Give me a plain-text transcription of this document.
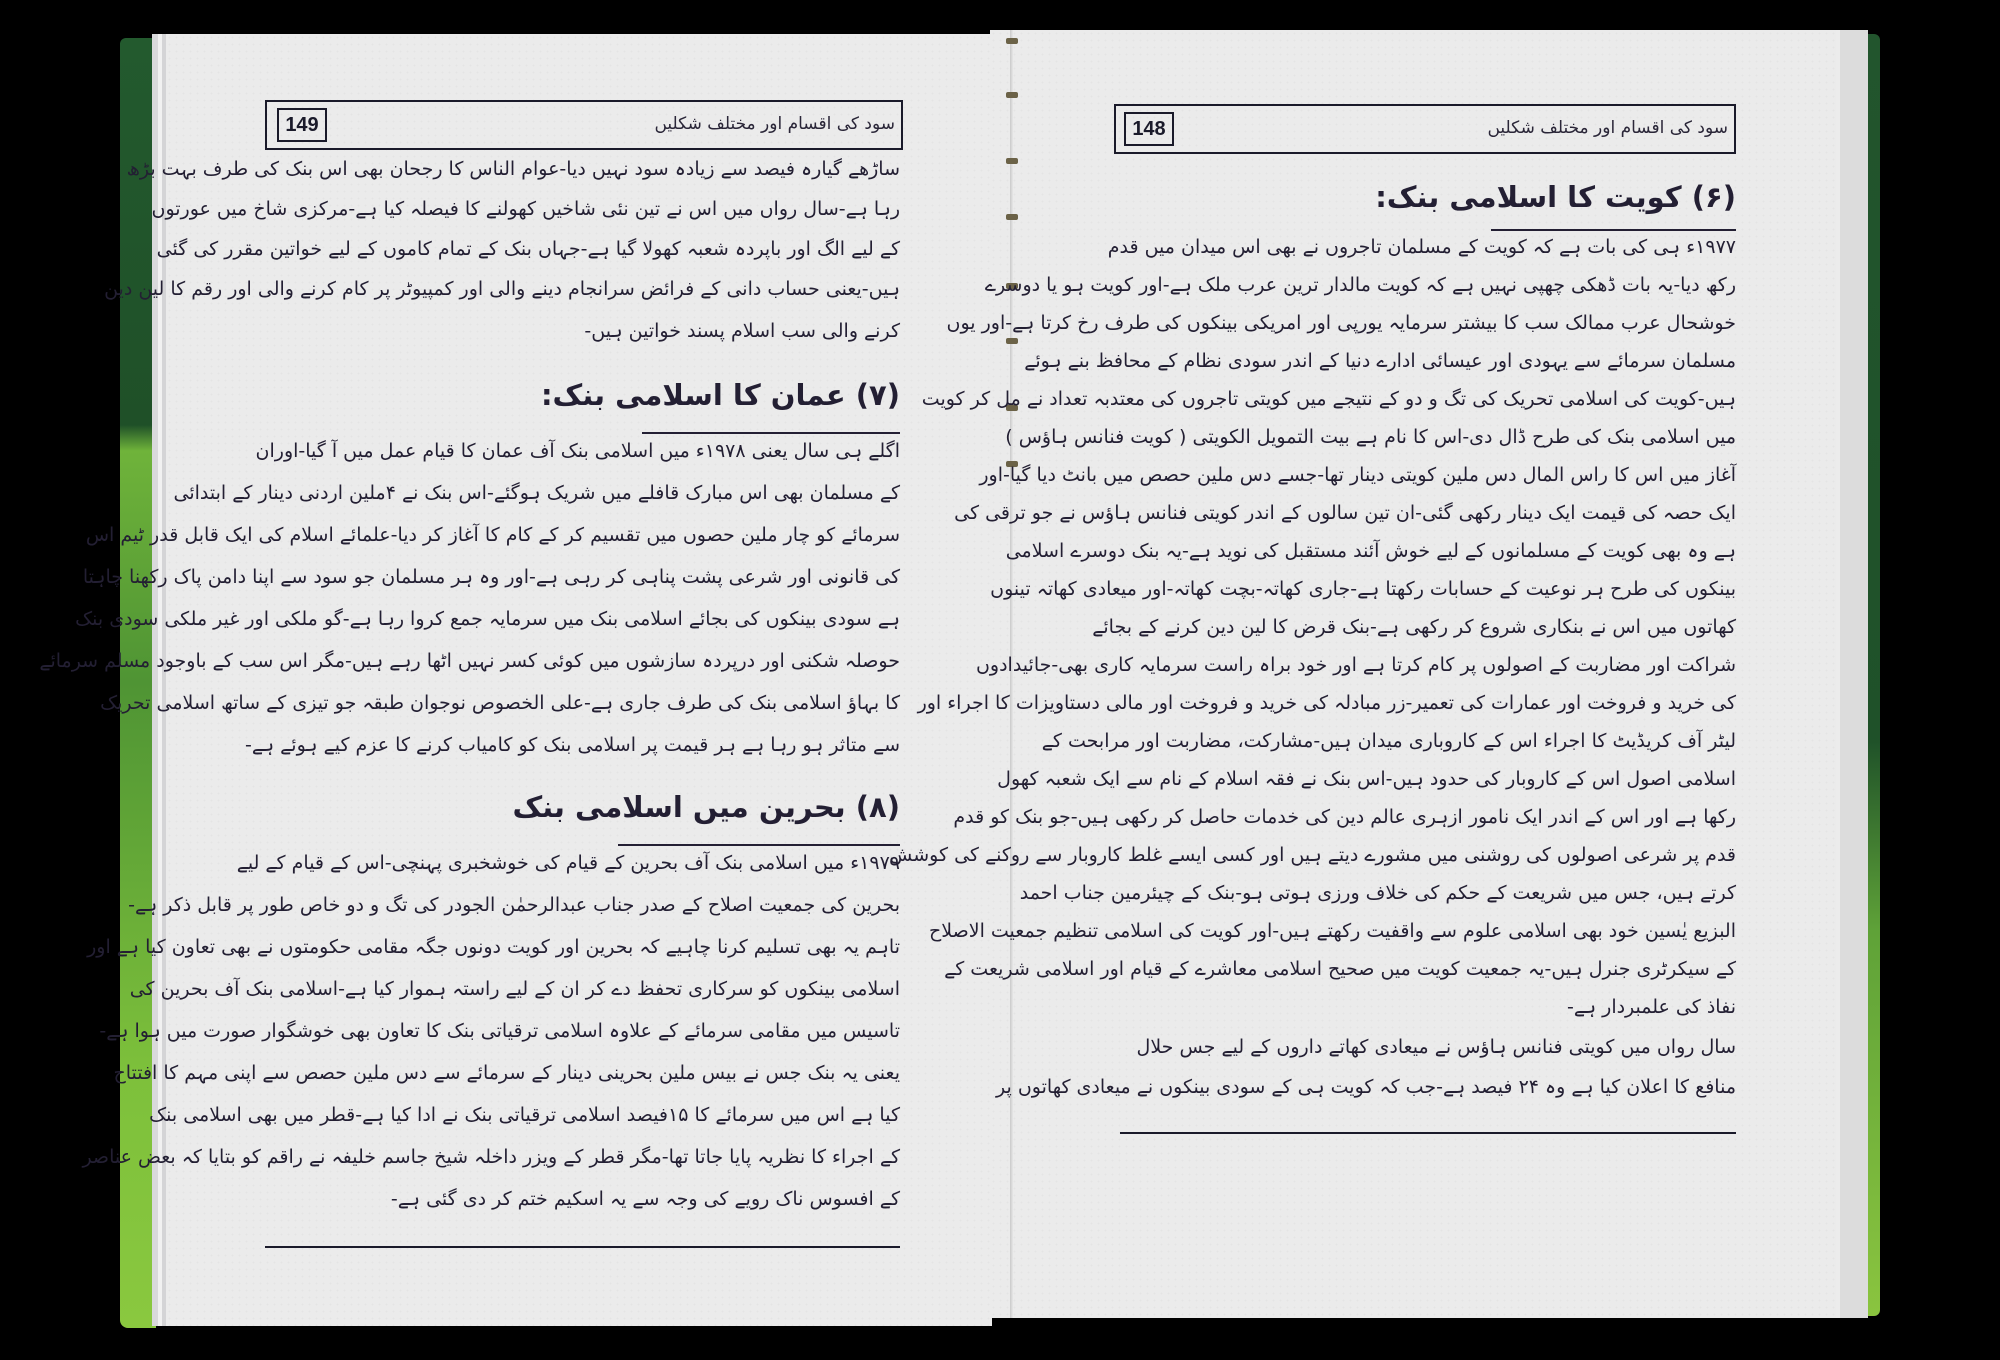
149	سود کی اقسام اور مختلف شکلیں	148	سود کی اقسام اور مختلف شکلیں
ساڑھے گیارہ فیصد سے زیادہ سود نہیں دیا-عوام الناس کا رجحان بھی اس بنک کی طرف بہت بڑھ
رہا ہے-سال رواں میں اس نے تین نئی شاخیں کھولنے کا فیصلہ کیا ہے-مرکزی شاخ میں عورتوں
کے لیے الگ اور باپردہ شعبہ کھولا گیا ہے-جہاں بنک کے تمام کاموں کے لیے خواتین مقرر کی گئی
ہیں-یعنی حساب دانی کے فرائض سرانجام دینے والی اور کمپیوٹر پر کام کرنے والی اور رقم کا لین دین
کرنے والی سب اسلام پسند خواتین ہیں-
(۷) عمان کا اسلامی بنک:
اگلے ہی سال یعنی ۱۹۷۸ء میں اسلامی بنک آف عمان کا قیام عمل میں آ گیا-اوران
کے مسلمان بھی اس مبارک قافلے میں شریک ہوگئے-اس بنک نے ۴ملین اردنی دینار کے ابتدائی
سرمائے کو چار ملین حصوں میں تقسیم کر کے کام کا آغاز کر دیا-علمائے اسلام کی ایک قابل قدر ٹیم اس
کی قانونی اور شرعی پشت پناہی کر رہی ہے-اور وہ ہر مسلمان جو سود سے اپنا دامن پاک رکھنا چاہتا
ہے سودی بینکوں کی بجائے اسلامی بنک میں سرمایہ جمع کروا رہا ہے-گو ملکی اور غیر ملکی سودی بنک
حوصلہ شکنی اور درپردہ سازشوں میں کوئی کسر نہیں اٹھا رہے ہیں-مگر اس سب کے باوجود مسلم سرمائے
کا بہاؤ اسلامی بنک کی طرف جاری ہے-علی الخصوص نوجوان طبقہ جو تیزی کے ساتھ اسلامی تحریک
سے متاثر ہو رہا ہے ہر قیمت پر اسلامی بنک کو کامیاب کرنے کا عزم کیے ہوئے ہے-
(۸) بحرین میں اسلامی بنک
۱۹۷۹ء میں اسلامی بنک آف بحرین کے قیام کی خوشخبری پہنچی-اس کے قیام کے لیے
بحرین کی جمعیت اصلاح کے صدر جناب عبدالرحمٰن الجودر کی تگ و دو خاص طور پر قابل ذکر ہے-
تاہم یہ بھی تسلیم کرنا چاہیے کہ بحرین اور کویت دونوں جگہ مقامی حکومتوں نے بھی تعاون کیا ہے اور
اسلامی بینکوں کو سرکاری تحفظ دے کر ان کے لیے راستہ ہموار کیا ہے-اسلامی بنک آف بحرین کی
تاسیس میں مقامی سرمائے کے علاوہ اسلامی ترقیاتی بنک کا تعاون بھی خوشگوار صورت میں ہوا ہے-
یعنی یہ بنک جس نے بیس ملین بحرینی دینار کے سرمائے سے دس ملین حصص سے اپنی مہم کا افتتاح
کیا ہے اس میں سرمائے کا ۱۵فیصد اسلامی ترقیاتی بنک نے ادا کیا ہے-قطر میں بھی اسلامی بنک
کے اجراء کا نظریہ پایا جاتا تھا-مگر قطر کے ویزر داخلہ شیخ جاسم خلیفہ نے راقم کو بتایا کہ بعض عناصر
کے افسوس ناک رویے کی وجہ سے یہ اسکیم ختم کر دی گئی ہے-
(۶) کویت کا اسلامی بنک:
۱۹۷۷ء ہی کی بات ہے کہ کویت کے مسلمان تاجروں نے بھی اس میدان میں قدم
رکھ دیا-یہ بات ڈھکی چھپی نہیں ہے کہ کویت مالدار ترین عرب ملک ہے-اور کویت ہو یا دوسرے
خوشحال عرب ممالک سب کا بیشتر سرمایہ یورپی اور امریکی بینکوں کی طرف رخ کرتا ہے-اور یوں
مسلمان سرمائے سے یہودی اور عیسائی ادارے دنیا کے اندر سودی نظام کے محافظ بنے ہوئے
ہیں-کویت کی اسلامی تحریک کی تگ و دو کے نتیجے میں کویتی تاجروں کی معتدبہ تعداد نے مل کر کویت
میں اسلامی بنک کی طرح ڈال دی-اس کا نام ہے بیت التمویل الکویتی ( کویت فنانس ہاؤس )
آغاز میں اس کا راس المال دس ملین کویتی دینار تھا-جسے دس ملین حصص میں بانٹ دیا گیا-اور
ایک حصہ کی قیمت ایک دینار رکھی گئی-ان تین سالوں کے اندر کویتی فنانس ہاؤس نے جو ترقی کی
ہے وہ بھی کویت کے مسلمانوں کے لیے خوش آئند مستقبل کی نوید ہے-یہ بنک دوسرے اسلامی
بینکوں کی طرح ہر نوعیت کے حسابات رکھتا ہے-جاری کھاتہ-بچت کھاتہ-اور میعادی کھاتہ تینوں
کھاتوں میں اس نے بنکاری شروع کر رکھی ہے-بنک قرض کا لین دین کرنے کے بجائے
شراکت اور مضاربت کے اصولوں پر کام کرتا ہے اور خود براہ راست سرمایہ کاری بھی-جائیدادوں
کی خرید و فروخت اور عمارات کی تعمیر-زر مبادلہ کی خرید و فروخت اور مالی دستاویزات کا اجراء اور
لیٹر آف کریڈیٹ کا اجراء اس کے کاروباری میدان ہیں-مشارکت، مضاربت اور مرابحت کے
اسلامی اصول اس کے کاروبار کی حدود ہیں-اس بنک نے فقہ اسلام کے نام سے ایک شعبہ کھول
رکھا ہے اور اس کے اندر ایک نامور ازہری عالم دین کی خدمات حاصل کر رکھی ہیں-جو بنک کو قدم
قدم پر شرعی اصولوں کی روشنی میں مشورے دیتے ہیں اور کسی ایسے غلط کاروبار سے روکنے کی کوشش
کرتے ہیں، جس میں شریعت کے حکم کی خلاف ورزی ہوتی ہو-بنک کے چیئرمین جناب احمد
البزیع یٰسین خود بھی اسلامی علوم سے واقفیت رکھتے ہیں-اور کویت کی اسلامی تنظیم جمعیت الاصلاح
کے سیکرٹری جنرل ہیں-یہ جمعیت کویت میں صحیح اسلامی معاشرے کے قیام اور اسلامی شریعت کے
نفاذ کی علمبردار ہے-
سال رواں میں کویتی فنانس ہاؤس نے میعادی کھاتے داروں کے لیے جس حلال
منافع کا اعلان کیا ہے وہ ۲۴ فیصد ہے-جب کہ کویت ہی کے سودی بینکوں نے میعادی کھاتوں پر
